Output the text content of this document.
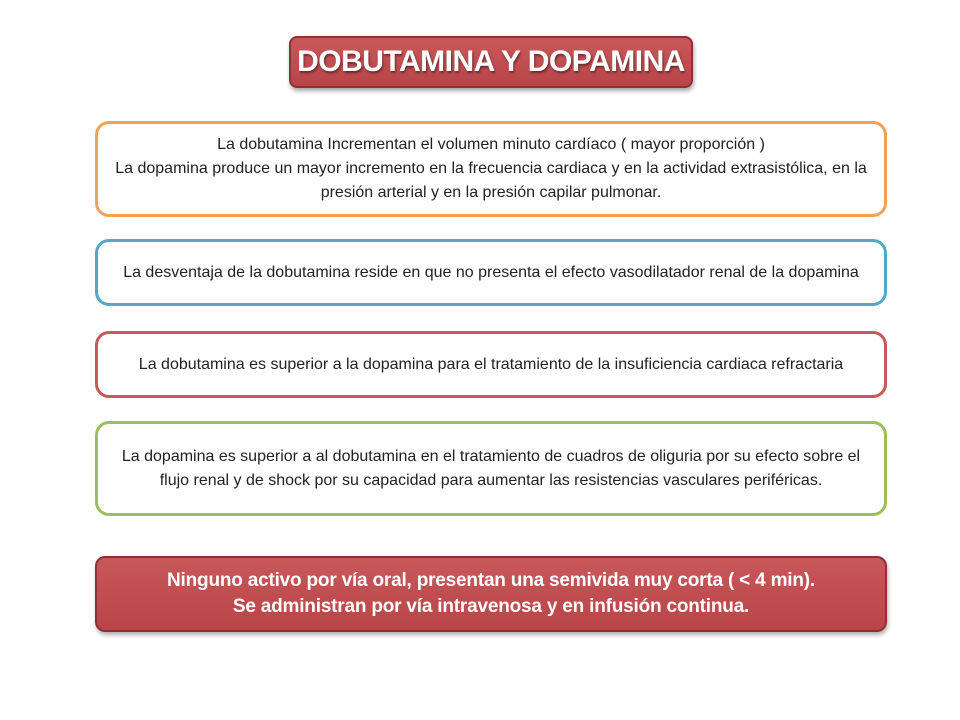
DOBUTAMINA Y DOPAMINA

La dobutamina Incrementan el volumen minuto cardíaco ( mayor proporción )

La dopamina produce un mayor incremento en la frecuencia cardiaca y en la actividad extrasistólica, en la presión arterial y en la presión capilar pulmonar.

La desventaja de la dobutamina reside en que no presenta el efecto vasodilatador renal de la dopamina

La dobutamina es superior a la dopamina para el tratamiento de la insuficiencia cardiaca refractaria

La dopamina es superior a al dobutamina en el tratamiento de cuadros de oliguria por su efecto sobre el flujo renal y de shock por su capacidad para aumentar las resistencias vasculares periféricas.

Ninguno activo por vía oral, presentan una semivida muy corta ( < 4 min).
Se administran por vía intravenosa y en infusión continua.
